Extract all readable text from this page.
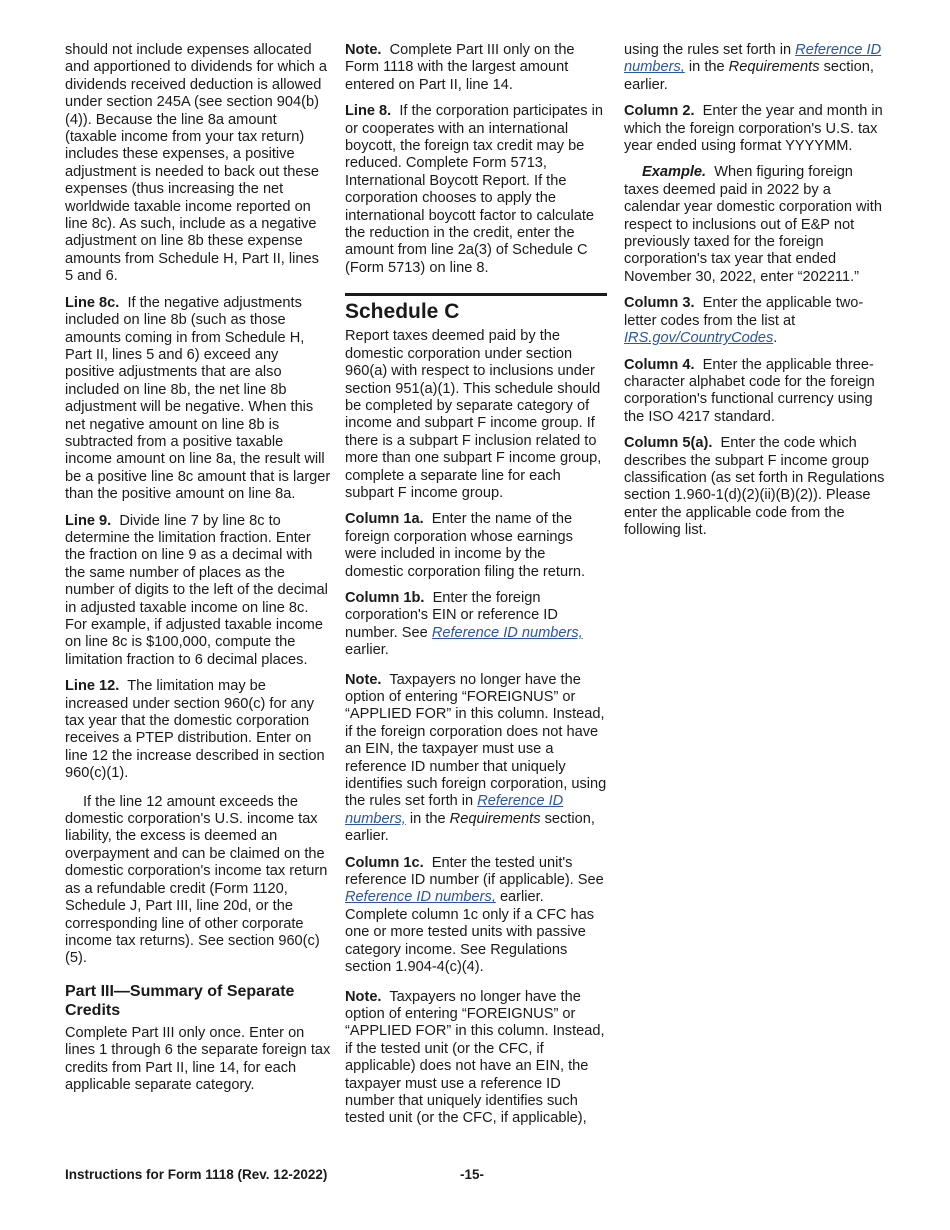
should not include expenses allocated and apportioned to dividends for which a dividends received deduction is allowed under section 245A (see section 904(b)(4)). Because the line 8a amount (taxable income from your tax return) includes these expenses, a positive adjustment is needed to back out these expenses (thus increasing the net worldwide taxable income reported on line 8c). As such, include as a negative adjustment on line 8b these expense amounts from Schedule H, Part II, lines 5 and 6.

Line 8c. If the negative adjustments included on line 8b (such as those amounts coming in from Schedule H, Part II, lines 5 and 6) exceed any positive adjustments that are also included on line 8b, the net line 8b adjustment will be negative. When this net negative amount on line 8b is subtracted from a positive taxable income amount on line 8a, the result will be a positive line 8c amount that is larger than the positive amount on line 8a.

Line 9. Divide line 7 by line 8c to determine the limitation fraction. Enter the fraction on line 9 as a decimal with the same number of places as the number of digits to the left of the decimal in adjusted taxable income on line 8c. For example, if adjusted taxable income on line 8c is $100,000, compute the limitation fraction to 6 decimal places.

Line 12. The limitation may be increased under section 960(c) for any tax year that the domestic corporation receives a PTEP distribution. Enter on line 12 the increase described in section 960(c)(1).

If the line 12 amount exceeds the domestic corporation's U.S. income tax liability, the excess is deemed an overpayment and can be claimed on the domestic corporation's income tax return as a refundable credit (Form 1120, Schedule J, Part III, line 20d, or the corresponding line of other corporate income tax returns). See section 960(c)(5).

Part III—Summary of Separate Credits

Complete Part III only once. Enter on lines 1 through 6 the separate foreign tax credits from Part II, line 14, for each applicable separate category.

Note. Complete Part III only on the Form 1118 with the largest amount entered on Part II, line 14.

Line 8. If the corporation participates in or cooperates with an international boycott, the foreign tax credit may be reduced. Complete Form 5713, International Boycott Report. If the corporation chooses to apply the international boycott factor to calculate the reduction in the credit, enter the amount from line 2a(3) of Schedule C (Form 5713) on line 8.

Schedule C

Report taxes deemed paid by the domestic corporation under section 960(a) with respect to inclusions under section 951(a)(1). This schedule should be completed by separate category of income and subpart F income group. If there is a subpart F inclusion related to more than one subpart F income group, complete a separate line for each subpart F income group.

Column 1a. Enter the name of the foreign corporation whose earnings were included in income by the domestic corporation filing the return.

Column 1b. Enter the foreign corporation's EIN or reference ID number. See Reference ID numbers, earlier.

Note. Taxpayers no longer have the option of entering “FOREIGNUS” or “APPLIED FOR” in this column. Instead, if the foreign corporation does not have an EIN, the taxpayer must use a reference ID number that uniquely identifies such foreign corporation, using the rules set forth in Reference ID numbers, in the Requirements section, earlier.

Column 1c. Enter the tested unit's reference ID number (if applicable). See Reference ID numbers, earlier. Complete column 1c only if a CFC has one or more tested units with passive category income. See Regulations section 1.904-4(c)(4).

Note. Taxpayers no longer have the option of entering “FOREIGNUS” or “APPLIED FOR” in this column. Instead, if the tested unit (or the CFC, if applicable) does not have an EIN, the taxpayer must use a reference ID number that uniquely identifies such tested unit (or the CFC, if applicable),

using the rules set forth in Reference ID numbers, in the Requirements section, earlier.

Column 2. Enter the year and month in which the foreign corporation's U.S. tax year ended using format YYYYMM.

Example. When figuring foreign taxes deemed paid in 2022 by a calendar year domestic corporation with respect to inclusions out of E&P not previously taxed for the foreign corporation's tax year that ended November 30, 2022, enter “202211.”

Column 3. Enter the applicable two-letter codes from the list at IRS.gov/CountryCodes.

Column 4. Enter the applicable three-character alphabet code for the foreign corporation's functional currency using the ISO 4217 standard.

Column 5(a). Enter the code which describes the subpart F income group classification (as set forth in Regulations section 1.960-1(d)(2)(ii)(B)(2)). Please enter the applicable code from the following list.

Instructions for Form 1118 (Rev. 12-2022)	-15-
